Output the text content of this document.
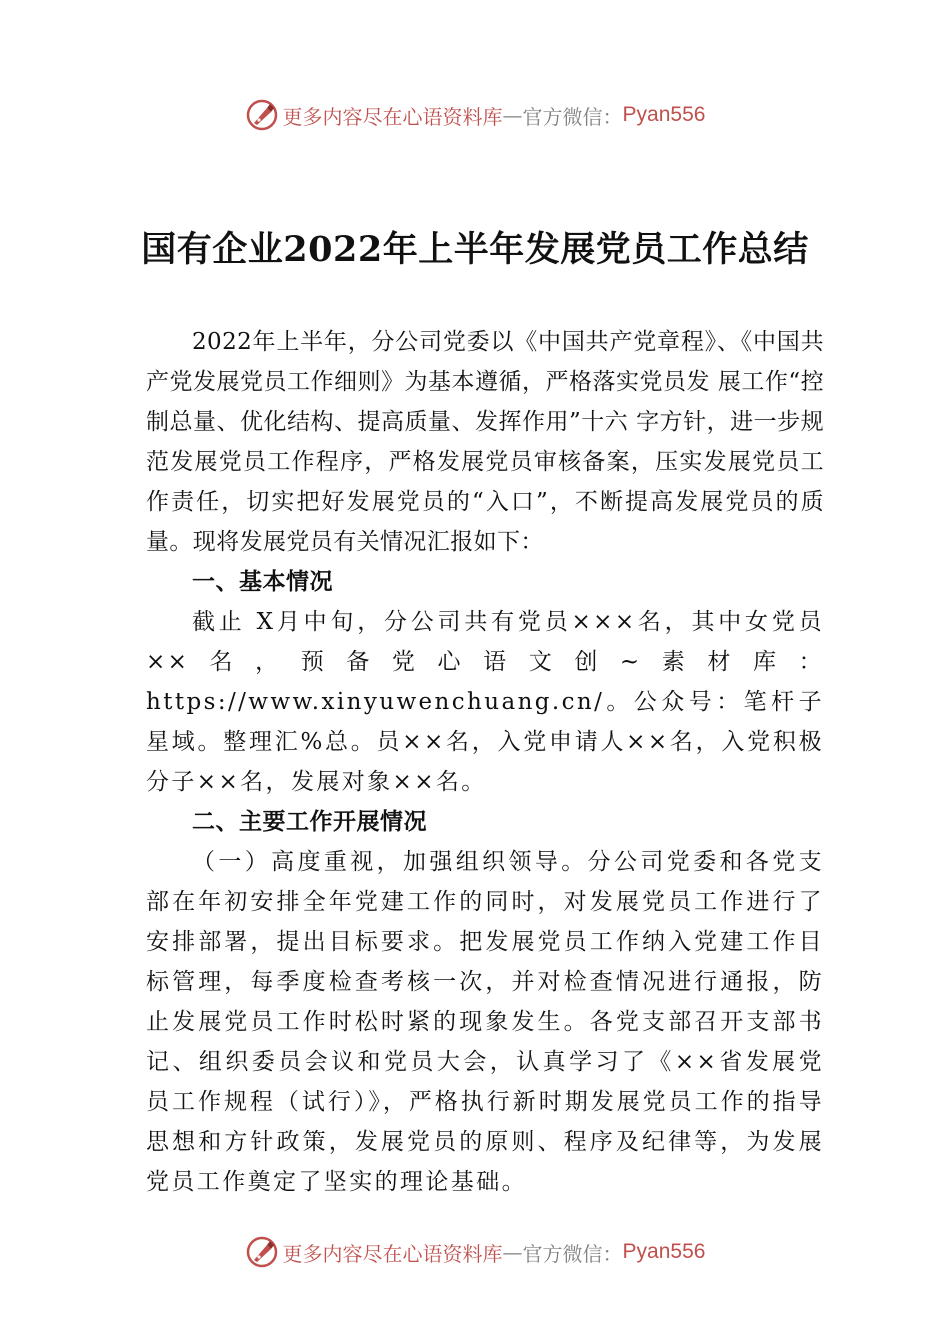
更多内容尽在心语资料库 — 官方微信： Pyan556
国有企业2022年上半年发展党员工作总结

2022年上半年，分公司党委以《中国共产党章程》、《中国共产党发展党员工作细则》为基本遵循，严格落实党员发 展工作“控制总量、优化结构、提高质量、发挥作用”十六 字方针，进一步规范发展党员工作程序，严格发展党员审核备案，压实发展党员工作责任，切实把好发展党员的“入口”，不断提高发展党员的质量。现将发展党员有关情况汇报如下：

一、基本情况

截止 X月中旬，分公司共有党员×××名，其中女党员××名，预备党心语文创~素材库：https://www.xinyuwenchuang.cn/。公众号：笔杆子星域。整理汇%总。员××名，入党申请人××名，入党积极分子××名，发展对象××名。

二、主要工作开展情况

（一）高度重视，加强组织领导。分公司党委和各党支部在年初安排全年党建工作的同时，对发展党员工作进行了安排部署，提出目标要求。把发展党员工作纳入党建工作目标管理，每季度检查考核一次，并对检查情况进行通报，防止发展党员工作时松时紧的现象发生。各党支部召开支部书记、组织委员会议和党员大会，认真学习了《××省发展党员工作规程（试行）》，严格执行新时期发展党员工作的指导思想和方针政策，发展党员的原则、程序及纪律等，为发展党员工作奠定了坚实的理论基础。

更多内容尽在心语资料库 — 官方微信： Pyan556
